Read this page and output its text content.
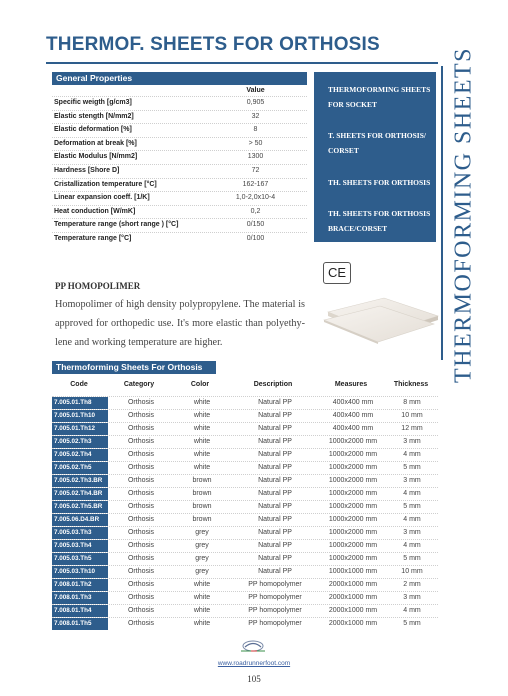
THERMOF. SHEETS FOR ORTHOSIS
THERMOFORMING SHEETS
General Properties
Value
Specific weigth [g/cm3]	0,905
Elastic stength [N/mm2]	32
Elastic deformation [%]	8
Deformation at break [%]	> 50
Elastic Modulus [N/mm2]	1300
Hardness [Shore D]	72
Cristallization temperature [°C]	162-167
Linear expansion coeff. [1/K]	1,0-2,0x10-4
Heat conduction [W/mK]	0,2
Temperature range (short range ) [°C]	0/150
Temperature range [°C]	0/100
THERMOFORMING SHEETS FOR SOCKET
T. SHEETS FOR ORTHOSIS/ CORSET
TH. SHEETS FOR ORTHOSIS
TH. SHEETS FOR ORTHOSIS BRACE/CORSET
CE
PP HOMOPOLIMER
Homopolimer of high density polypropylene. The material is approved for orthopedic use. It's more elastic than polyethy-lene and working temperature are higher.
Thermoforming Sheets For Orthosis
Code	Category	Color	Description	Measures	Thickness
7.005.01.Th8	Orthosis	white	Natural PP	400x400 mm	8 mm
7.005.01.Th10	Orthosis	white	Natural PP	400x400 mm	10 mm
7.005.01.Th12	Orthosis	white	Natural PP	400x400 mm	12 mm
7.005.02.Th3	Orthosis	white	Natural PP	1000x2000 mm	3 mm
7.005.02.Th4	Orthosis	white	Natural PP	1000x2000 mm	4 mm
7.005.02.Th5	Orthosis	white	Natural PP	1000x2000 mm	5 mm
7.005.02.Th3.BR	Orthosis	brown	Natural PP	1000x2000 mm	3 mm
7.005.02.Th4.BR	Orthosis	brown	Natural PP	1000x2000 mm	4 mm
7.005.02.Th5.BR	Orthosis	brown	Natural PP	1000x2000 mm	5 mm
7.005.06.D4.BR	Orthosis	brown	Natural PP	1000x2000 mm	4 mm
7.005.03.Th3	Orthosis	grey	Natural PP	1000x2000 mm	3 mm
7.005.03.Th4	Orthosis	grey	Natural PP	1000x2000 mm	4 mm
7.005.03.Th5	Orthosis	grey	Natural PP	1000x2000 mm	5 mm
7.005.03.Th10	Orthosis	grey	Natural PP	1000x1000 mm	10 mm
7.008.01.Th2	Orthosis	white	PP homopolymer	2000x1000 mm	2 mm
7.008.01.Th3	Orthosis	white	PP homopolymer	2000x1000 mm	3 mm
7.008.01.Th4	Orthosis	white	PP homopolymer	2000x1000 mm	4 mm
7.008.01.Th5	Orthosis	white	PP homopolymer	2000x1000 mm	5 mm
www.roadrunnerfoot.com
105
